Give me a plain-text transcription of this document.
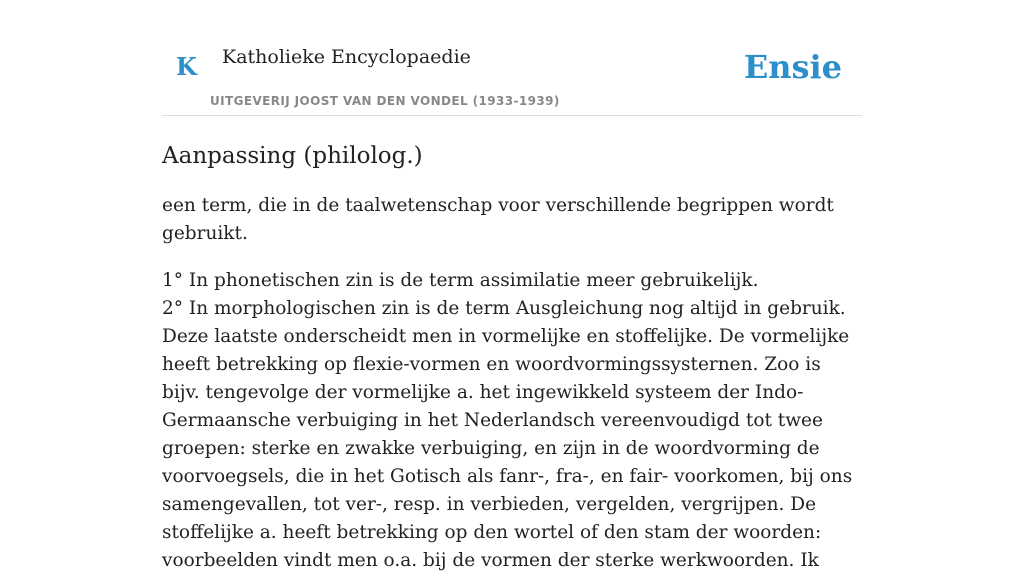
K Katholieke Encyclopaedie
UITGEVERIJ JOOST VAN DEN VONDEL (1933-1939)
Ensie
Aanpassing (philolog.)

een term, die in de taalwetenschap voor verschillende begrippen wordt gebruikt.

1° In phonetischen zin is de term assimilatie meer gebruikelijk.
2° In morphologischen zin is de term Ausgleichung nog altijd in gebruik. Deze laatste onderscheidt men in vormelijke en stoffelijke. De vormelijke heeft betrekking op flexie-vormen en woordvormingssysternen. Zoo is bijv. tengevolge der vormelijke a. het ingewikkeld systeem der Indo-Germaansche verbuiging in het Nederlandsch vereenvoudigd tot twee groepen: sterke en zwakke verbuiging, en zijn in de woordvorming de voorvoegsels, die in het Gotisch als fanr-, fra-, en fair- voorkomen, bij ons samengevallen, tot ver-, resp. in verbieden, vergelden, vergrijpen. De stoffelijke a. heeft betrekking op den wortel of den stam der woorden: voorbeelden vindt men o.a. bij de vormen der sterke werkwoorden. Ik
